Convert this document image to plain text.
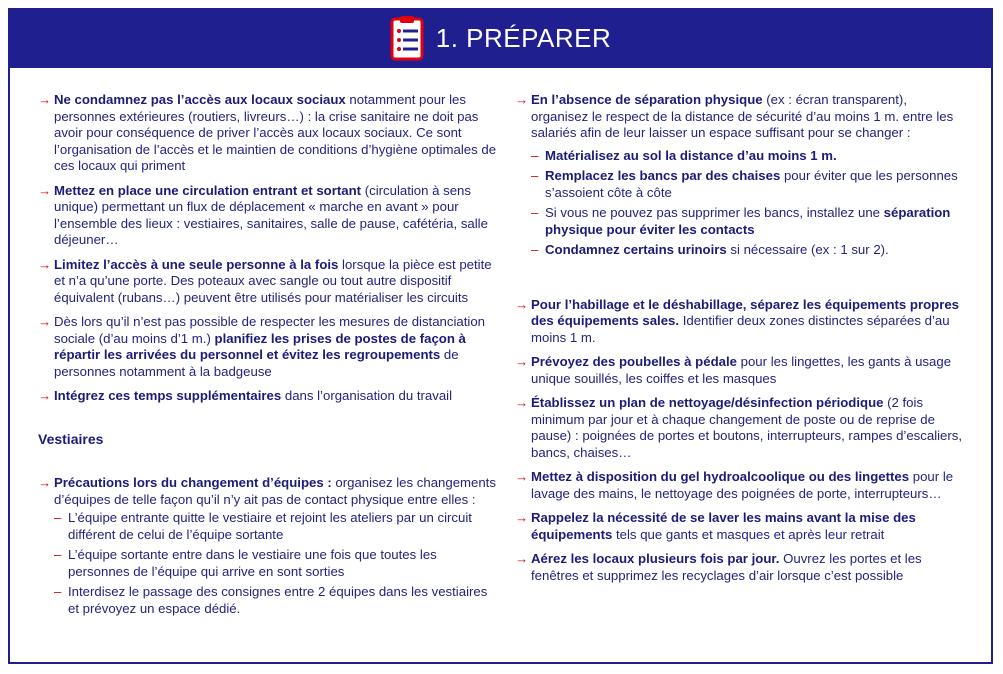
1. PRÉPARER
→ Ne condamnez pas l’accès aux locaux sociaux notamment pour les personnes extérieures (routiers, livreurs…) : la crise sanitaire ne doit pas avoir pour conséquence de priver l’accès aux locaux sociaux. Ce sont l’organisation de l’accès et le maintien de conditions d’hygiène optimales de ces locaux qui priment
→ Mettez en place une circulation entrant et sortant (circulation à sens unique) permettant un flux de déplacement « marche en avant » pour l’ensemble des lieux : vestiaires, sanitaires, salle de pause, cafétéria, salle déjeuner…
→ Limitez l’accès à une seule personne à la fois lorsque la pièce est petite et n’a qu’une porte. Des poteaux avec sangle ou tout autre dispositif équivalent (rubans…) peuvent être utilisés pour matérialiser les circuits
→ Dès lors qu’il n’est pas possible de respecter les mesures de distanciation sociale (d’au moins d’1 m.) planifiez les prises de postes de façon à répartir les arrivées du personnel et évitez les regroupements de personnes notamment à la badgeuse
→ Intégrez ces temps supplémentaires dans l’organisation du travail
Vestiaires
→ Précautions lors du changement d’équipes : organisez les changements d’équipes de telle façon qu’il n’y ait pas de contact physique entre elles :
– L’équipe entrante quitte le vestiaire et rejoint les ateliers par un circuit différent de celui de l’équipe sortante
– L’équipe sortante entre dans le vestiaire une fois que toutes les personnes de l’équipe qui arrive en sont sorties
– Interdisez le passage des consignes entre 2 équipes dans les vestiaires et prévoyez un espace dédié.
→ En l’absence de séparation physique (ex : écran transparent), organisez le respect de la distance de sécurité d’au moins 1 m. entre les salariés afin de leur laisser un espace suffisant pour se changer :
– Matérialisez au sol la distance d’au moins 1 m.
– Remplacez les bancs par des chaises pour éviter que les personnes s’assoient côte à côte
– Si vous ne pouvez pas supprimer les bancs, installez une séparation physique pour éviter les contacts
– Condamnez certains urinoirs si nécessaire (ex : 1 sur 2).
→ Pour l’habillage et le déshabillage, séparez les équipements propres des équipements sales. Identifier deux zones distinctes séparées d’au moins 1 m.
→ Prévoyez des poubelles à pédale pour les lingettes, les gants à usage unique souillés, les coiffes et les masques
→ Établissez un plan de nettoyage/désinfection périodique (2 fois minimum par jour et à chaque changement de poste ou de reprise de pause) : poignées de portes et boutons, interrupteurs, rampes d’escaliers, bancs, chaises…
→ Mettez à disposition du gel hydroalcoolique ou des lingettes pour le lavage des mains, le nettoyage des poignées de porte, interrupteurs…
→ Rappelez la nécessité de se laver les mains avant la mise des équipements tels que gants et masques et après leur retrait
→ Aérez les locaux plusieurs fois par jour. Ouvrez les portes et les fenêtres et supprimez les recyclages d’air lorsque c’est possible
